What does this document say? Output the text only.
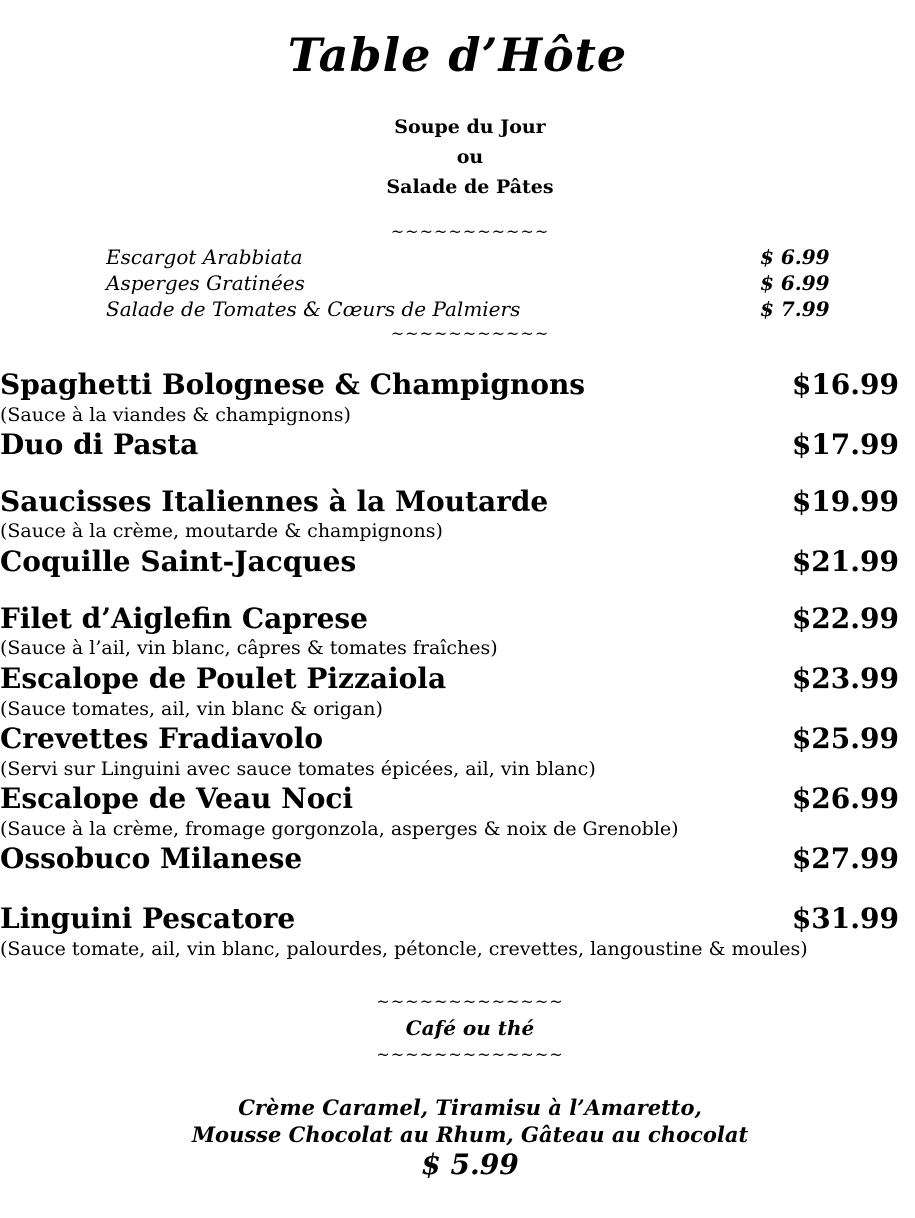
Table d’Hôte
Soupe du Jour
ou
Salade de Pâtes
~~~~~~~~~~~
Escargot Arabbiata	$ 6.99
Asperges Gratinées	$ 6.99
Salade de Tomates & Cœurs de Palmiers	$ 7.99
~~~~~~~~~~~
Spaghetti Bolognese & Champignons	$16.99
(Sauce à la viandes & champignons)
Duo di Pasta	$17.99
Saucisses Italiennes à la Moutarde	$19.99
(Sauce à la crème, moutarde & champignons)
Coquille Saint-Jacques	$21.99
Filet d’Aiglefin Caprese	$22.99
(Sauce à l’ail, vin blanc, câpres & tomates fraîches)
Escalope de Poulet Pizzaiola	$23.99
(Sauce tomates, ail, vin blanc & origan)
Crevettes Fradiavolo	$25.99
(Servi sur Linguini avec sauce tomates épicées, ail, vin blanc)
Escalope de Veau Noci	$26.99
(Sauce à la crème, fromage gorgonzola, asperges & noix de Grenoble)
Ossobuco Milanese	$27.99
Linguini Pescatore	$31.99
(Sauce tomate, ail, vin blanc, palourdes, pétoncle, crevettes, langoustine & moules)
~~~~~~~~~~~~~
Café ou thé
~~~~~~~~~~~~~
Crème Caramel, Tiramisu à l’Amaretto,
Mousse Chocolat au Rhum, Gâteau au chocolat
$ 5.99
